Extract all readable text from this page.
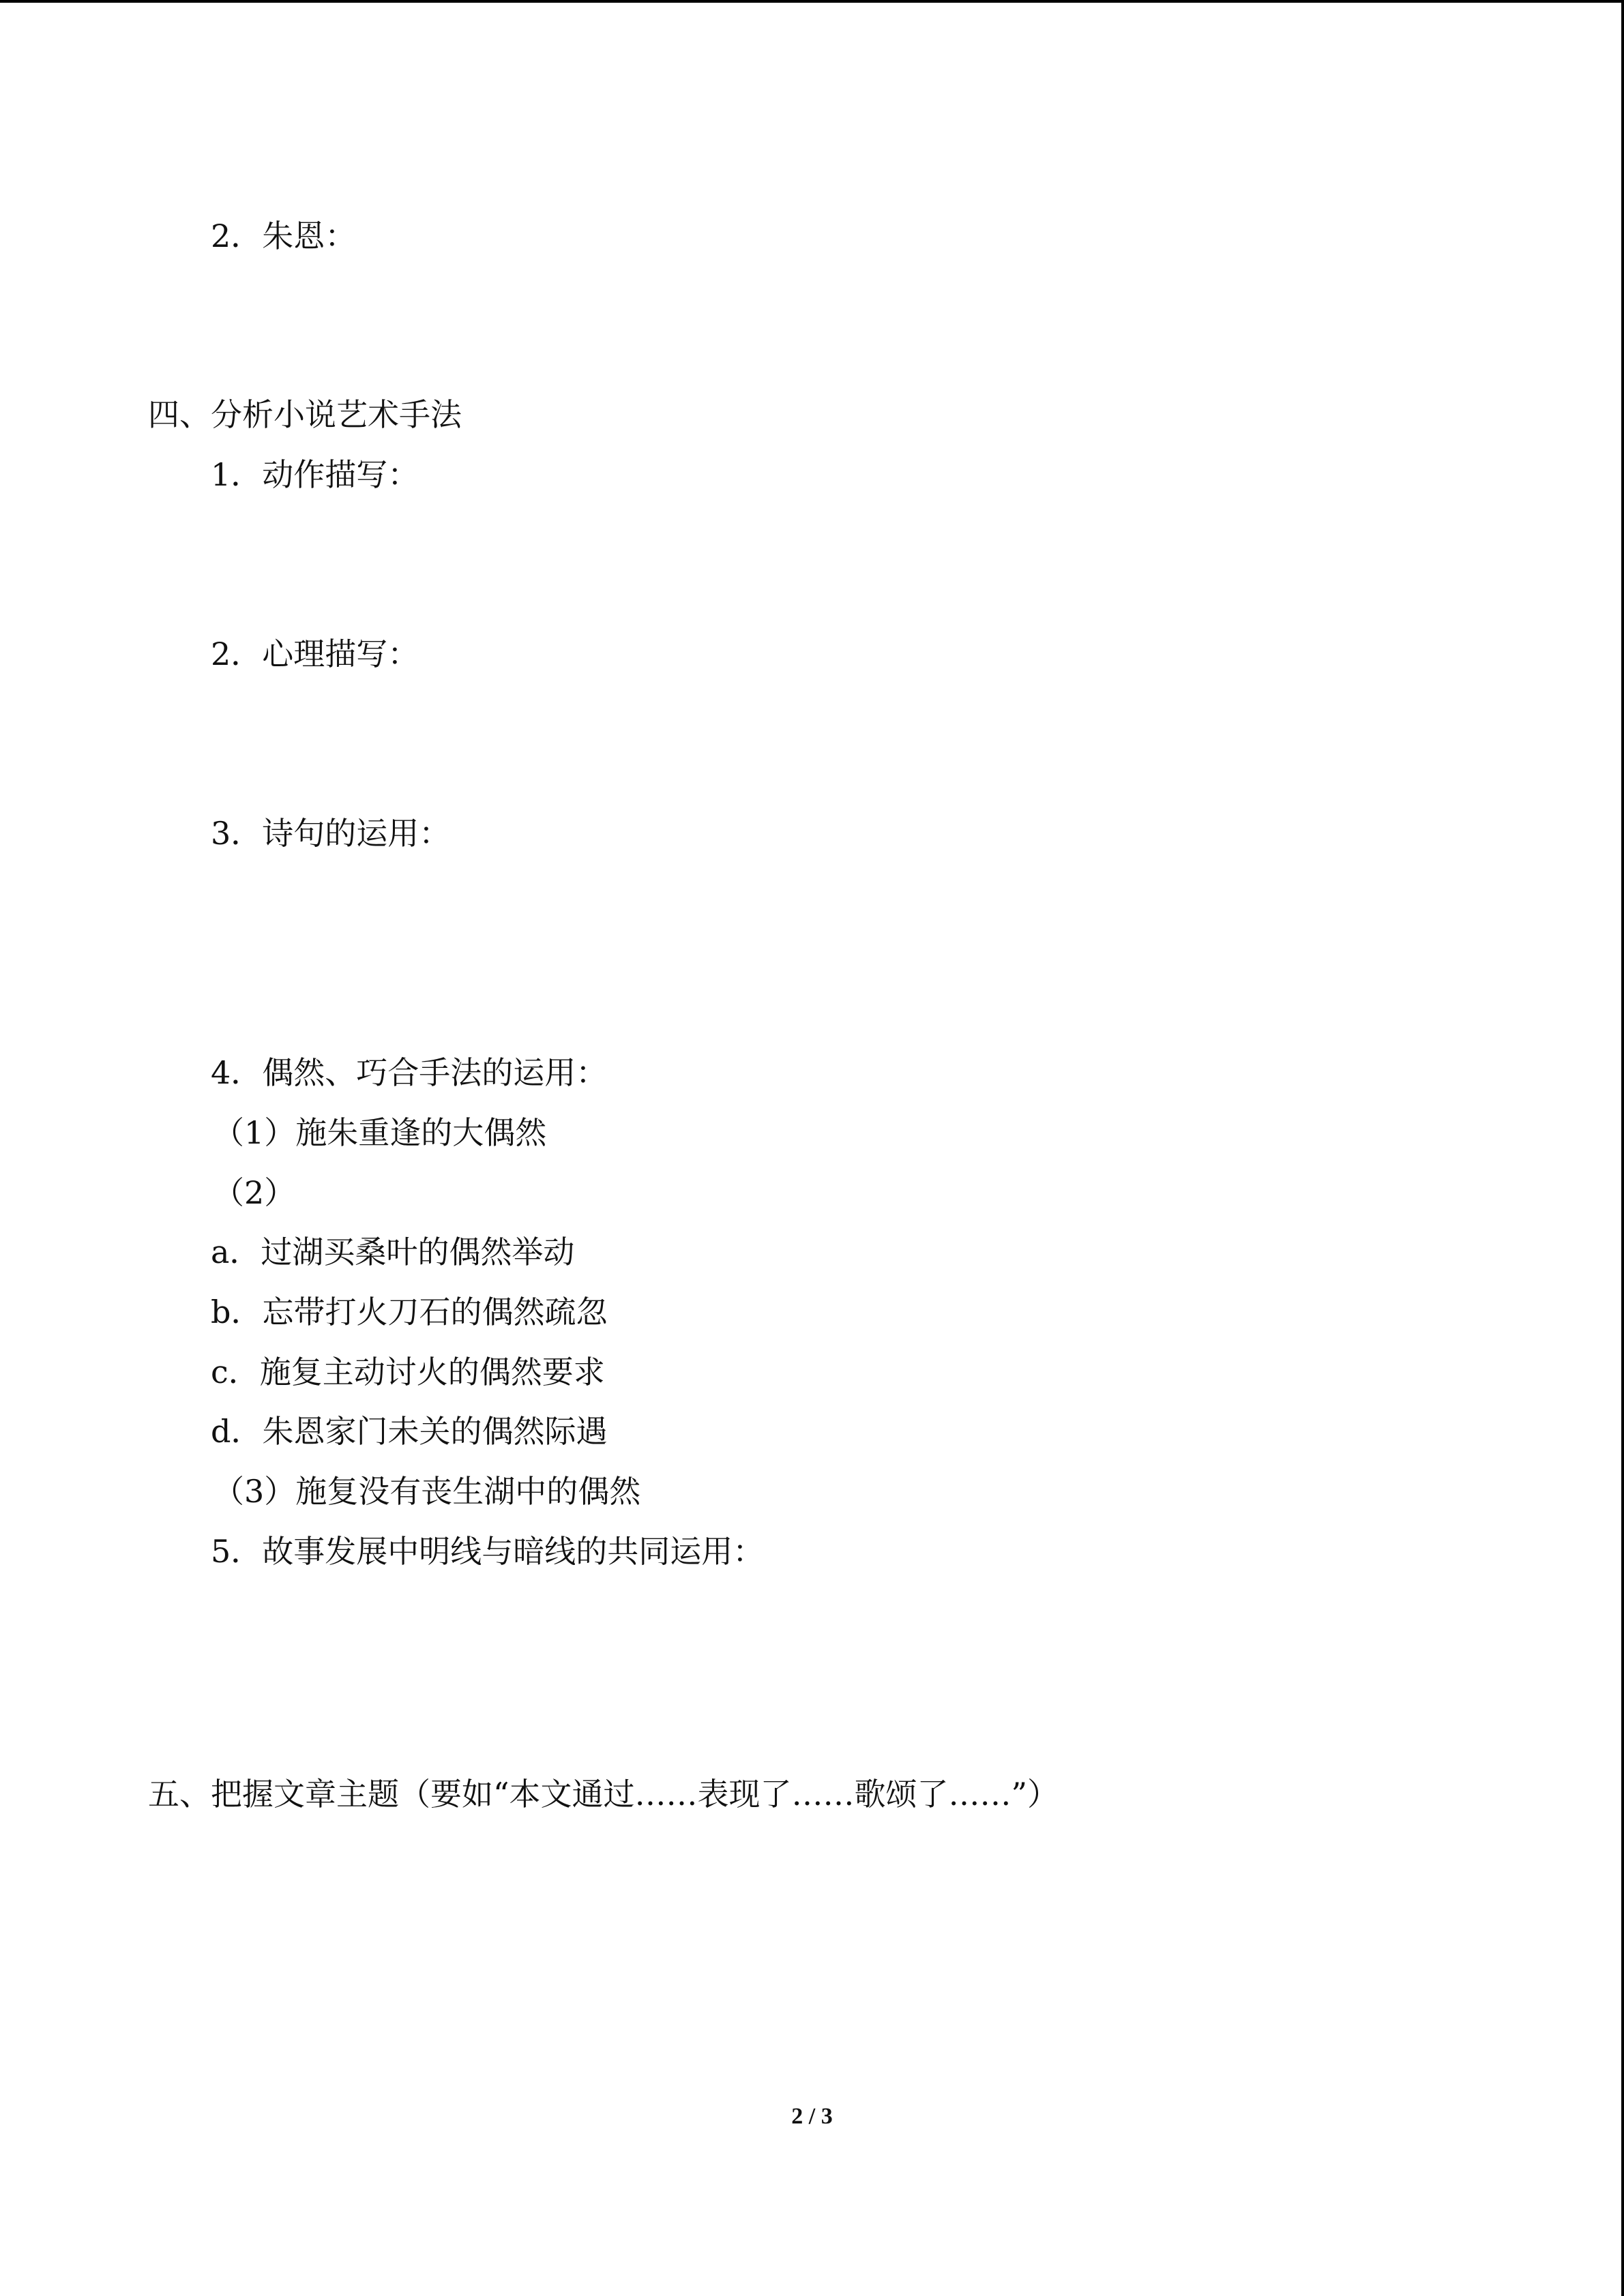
2．朱恩：
四、分析小说艺术手法
1．动作描写：
2．心理描写：
3．诗句的运用：
4．偶然、巧合手法的运用：
（1）施朱重逢的大偶然
（2）
a．过湖买桑叶的偶然举动
b．忘带打火刀石的偶然疏忽
c．施复主动讨火的偶然要求
d．朱恩家门未关的偶然际遇
（3）施复没有丧生湖中的偶然
5．故事发展中明线与暗线的共同运用：
五、把握文章主题（要如“本文通过……表现了……歌颂了……”）
2 / 3
